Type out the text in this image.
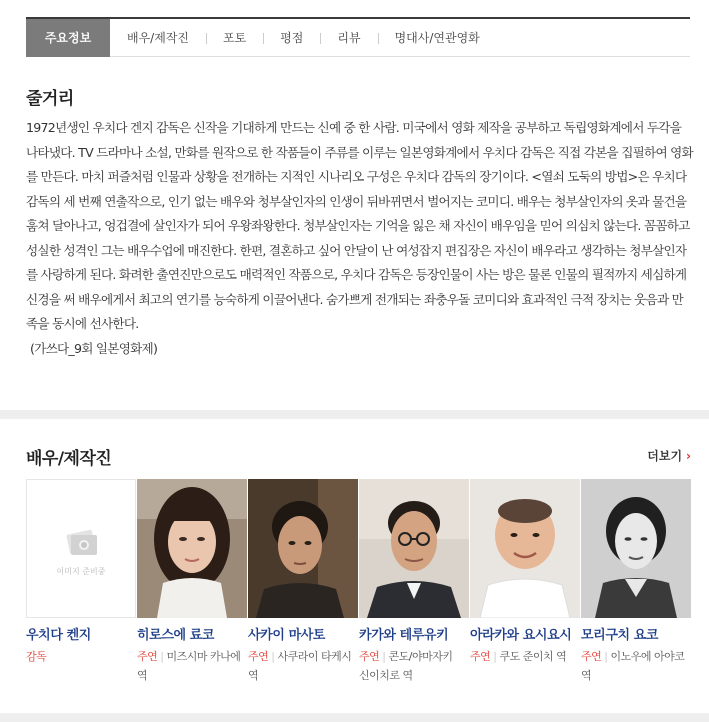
주요정보	배우/제작진	포토	평점	리뷰	명대사/연관영화
줄거리
1972년생인 우치다 겐지 감독은 신작을 기대하게 만드는 신예 중 한 사람. 미국에서 영화 제작을 공부하고 독립영화계에서 두각을 나타냈다. TV 드라마나 소설, 만화를 원작으로 한 작품들이 주류를 이루는 일본영화계에서 우치다 감독은 직접 각본을 집필하여 영화를 만든다. 마치 퍼즐처럼 인물과 상황을 전개하는 지적인 시나리오 구성은 우치다 감독의 장기이다. <열쇠 도둑의 방법>은 우치다 감독의 세 번째 연출작으로, 인기 없는 배우와 청부살인자의 인생이 뒤바뀌면서 벌어지는 코미디. 배우는 청부살인자의 옷과 물건을 훔쳐 달아나고, 엉겁결에 살인자가 되어 우왕좌왕한다. 청부살인자는 기억을 잃은 채 자신이 배우임을 믿어 의심치 않는다. 꼼꼼하고 성실한 성격인 그는 배우수업에 매진한다. 한편, 결혼하고 싶어 안달이 난 여성잡지 편집장은 자신이 배우라고 생각하는 청부살인자를 사랑하게 된다. 화려한 출연진만으로도 매력적인 작품으로, 우치다 감독은 등장인물이 사는 방은 물론 인물의 필적까지 세심하게 신경을 써 배우에게서 최고의 연기를 능숙하게 이끌어낸다. 숨가쁘게 전개되는 좌충우돌 코미디와 효과적인 극적 장치는 웃음과 만족을 동시에 선사한다.
(가쓰다_9회 일본영화제)
배우/제작진	더보기 ›
이미지 준비중
우치다 켄지
감독
히로스에 료코
주연 | 미즈시마 카나에 역
사카이 마사토
주연 | 사쿠라이 타케시 역
카가와 테루유키
주연 | 콘도/야마자키 신이치로 역
아라카와 요시요시
주연 | 쿠도 준이치 역
모리구치 요코
주연 | 이노우에 아야코 역
